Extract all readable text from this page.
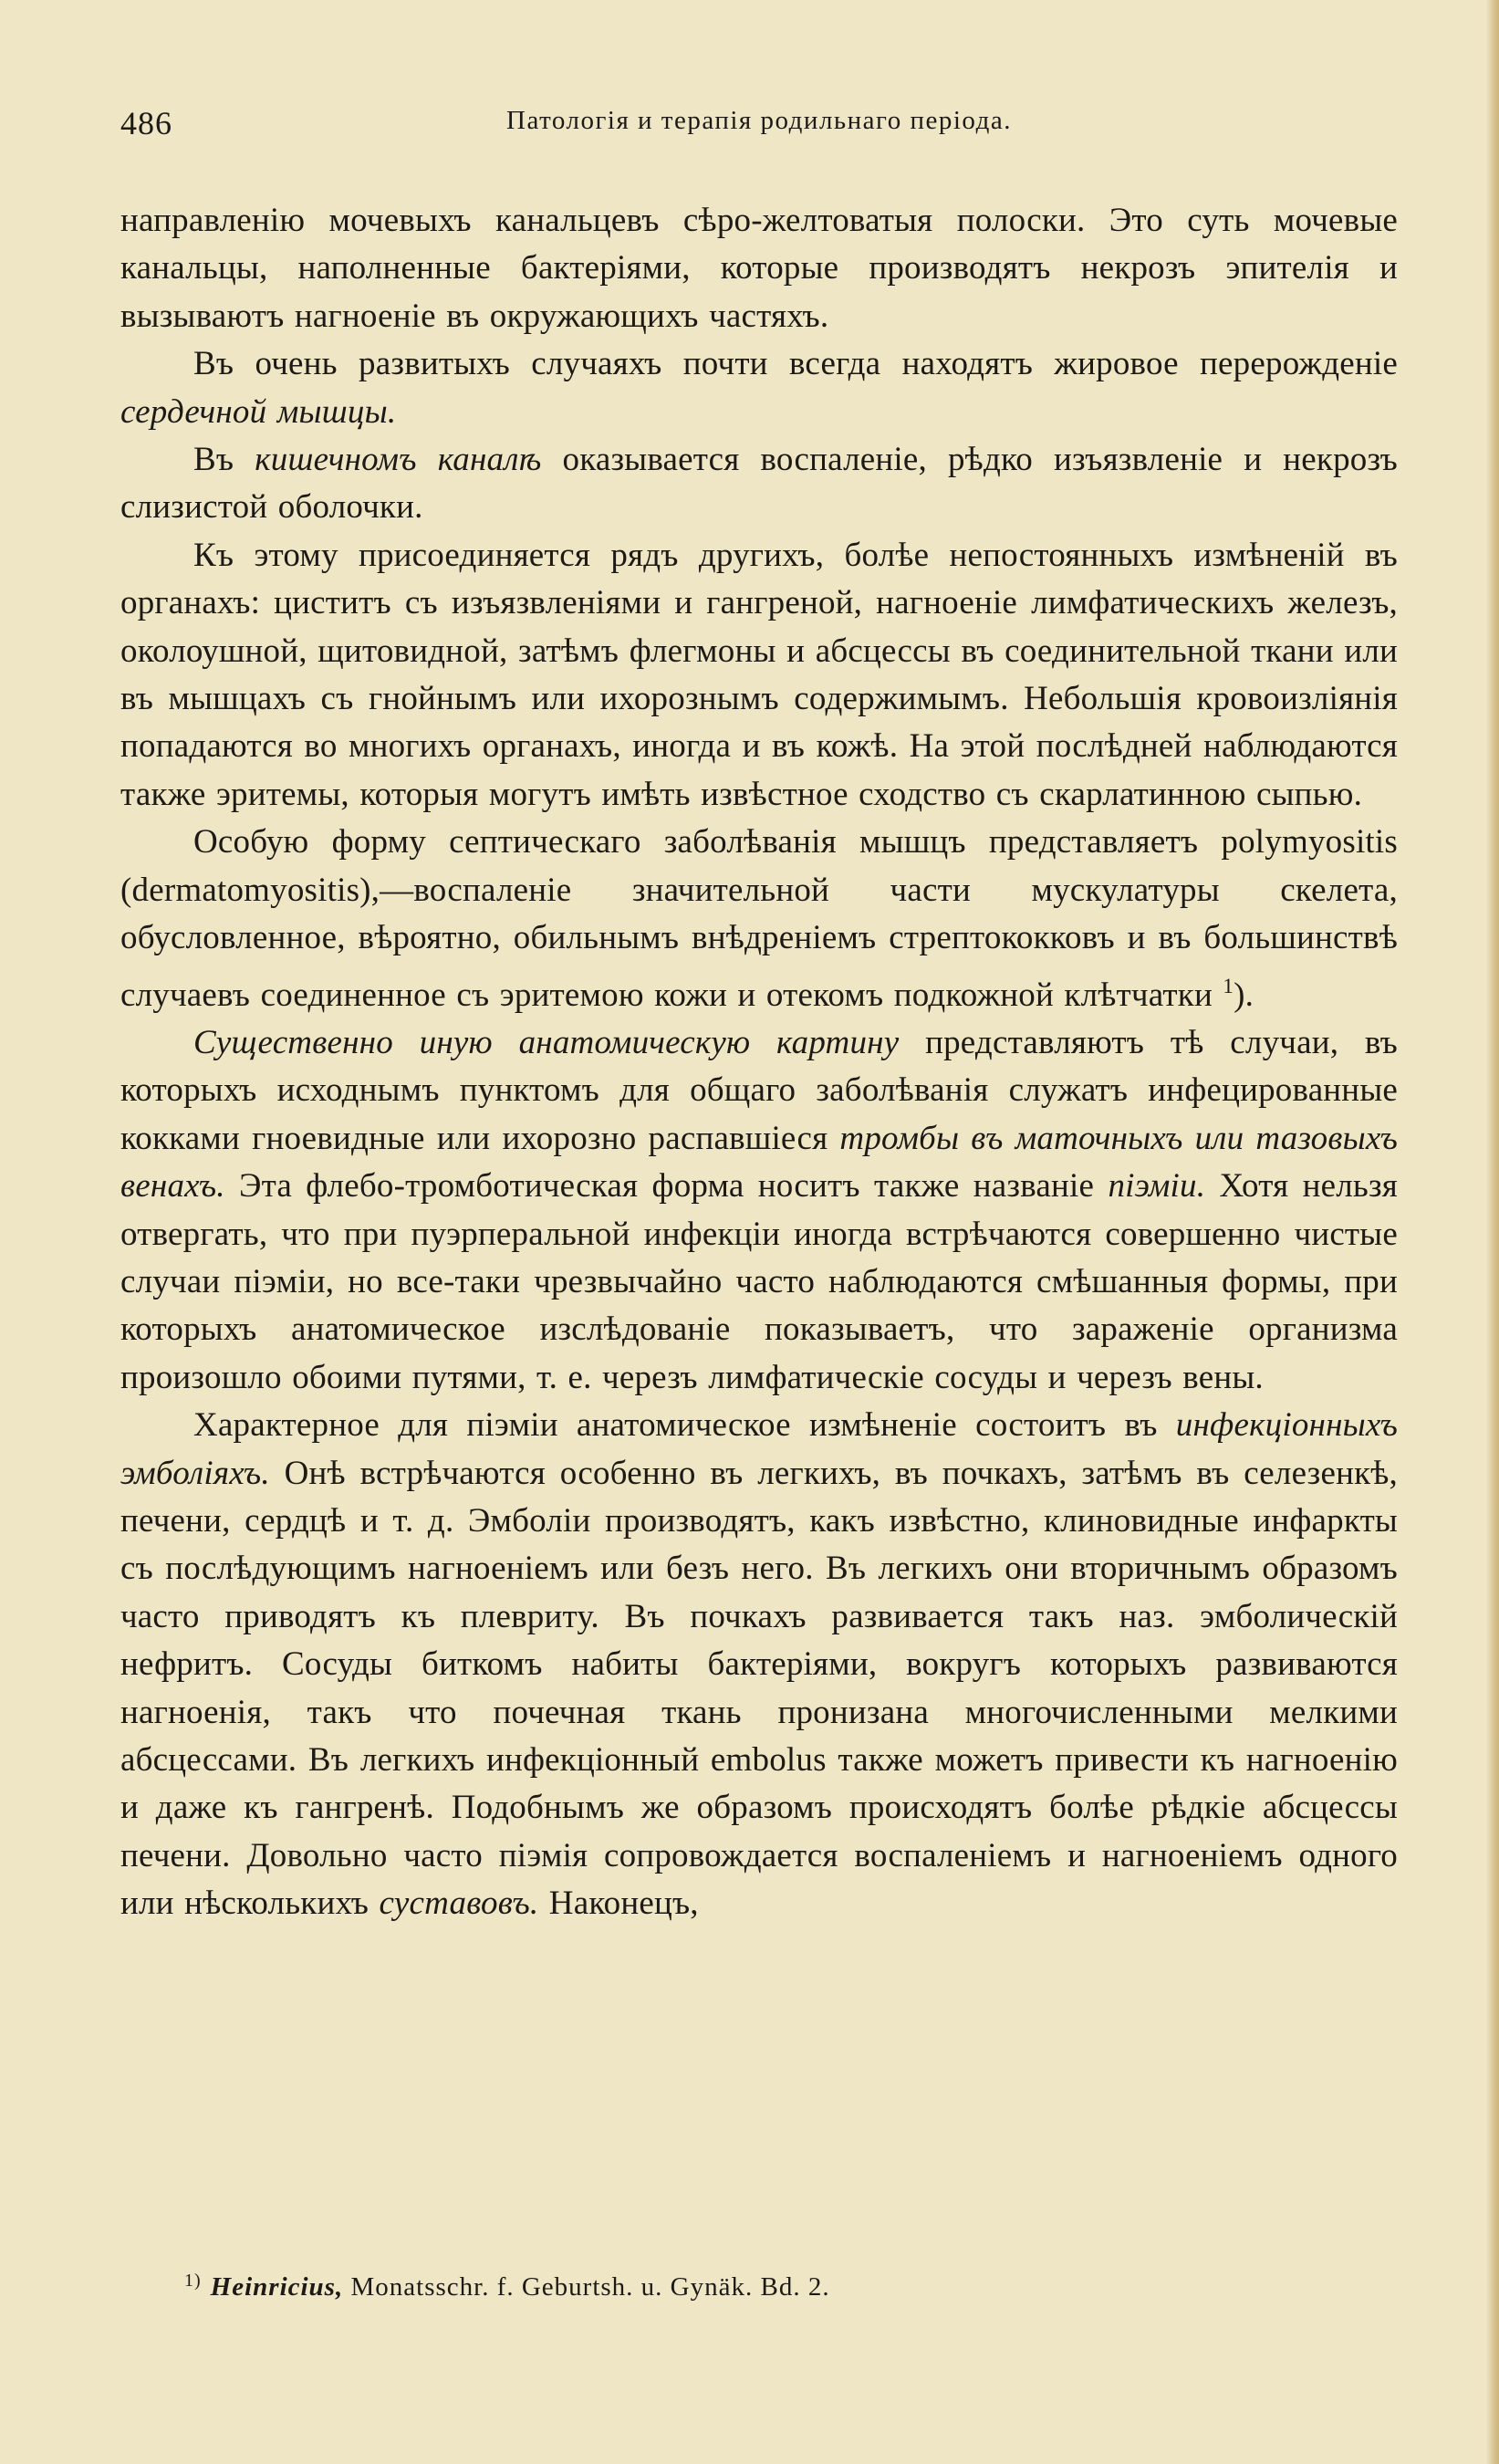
486	Патологія и терапія родильнаго періода.

направленію мочевыхъ канальцевъ сѣро-желтоватыя полоски. Это суть мочевые канальцы, наполненные бактеріями, которые производятъ некрозъ эпителія и вызываютъ нагноеніе въ окружающихъ частяхъ.

Въ очень развитыхъ случаяхъ почти всегда находятъ жировое перерожденіе сердечной мышцы.

Въ кишечномъ каналѣ оказывается воспаленіе, рѣдко изъязвленіе и некрозъ слизистой оболочки.

Къ этому присоединяется рядъ другихъ, болѣе непостоянныхъ измѣненій въ органахъ: циститъ съ изъязвленіями и гангреной, нагноеніе лимфатическихъ железъ, околоушной, щитовидной, затѣмъ флегмоны и абсцессы въ соединительной ткани или въ мышцахъ съ гнойнымъ или ихорознымъ содержимымъ. Небольшія кровоизліянія попадаются во многихъ органахъ, иногда и въ кожѣ. На этой послѣдней наблюдаются также эритемы, которыя могутъ имѣть извѣстное сходство съ скарлатинною сыпью.

Особую форму септическаго заболѣванія мышцъ представляетъ polymyositis (dermatomyositis),—воспаленіе значительной части мускулатуры скелета, обусловленное, вѣроятно, обильнымъ внѣдреніемъ стрептококковъ и въ большинствѣ случаевъ соединенное съ эритемою кожи и отекомъ подкожной клѣтчатки $^1$).

Существенно иную анатомическую картину представляютъ тѣ случаи, въ которыхъ исходнымъ пунктомъ для общаго заболѣванія служатъ инфецированные кокками гноевидные или ихорозно распавшіеся тромбы въ маточныхъ или тазовыхъ венахъ. Эта флебо-тромботическая форма носитъ также названіе піэміи. Хотя нельзя отвергать, что при пуэрперальной инфекціи иногда встрѣчаются совершенно чистые случаи піэміи, но все-таки чрезвычайно часто наблюдаются смѣшанныя формы, при которыхъ анатомическое изслѣдованіе показываетъ, что зараженіе организма произошло обоими путями, т. е. черезъ лимфатическіе сосуды и черезъ вены.

Характерное для піэміи анатомическое измѣненіе состоитъ въ инфекціонныхъ эмболіяхъ. Онѣ встрѣчаются особенно въ легкихъ, въ почкахъ, затѣмъ въ селезенкѣ, печени, сердцѣ и т. д. Эмболіи производятъ, какъ извѣстно, клиновидные инфаркты съ послѣдующимъ нагноеніемъ или безъ него. Въ легкихъ они вторичнымъ образомъ часто приводятъ къ плевриту. Въ почкахъ развивается такъ наз. эмболическій нефритъ. Сосуды биткомъ набиты бактеріями, вокругъ которыхъ развиваются нагноенія, такъ что почечная ткань пронизана многочисленными мелкими абсцессами. Въ легкихъ инфекціонный embolus также можетъ привести къ нагноенію и даже къ гангренѣ. Подобнымъ же образомъ происходятъ болѣе рѣдкіе абсцессы печени. Довольно часто піэмія сопровождается воспаленіемъ и нагноеніемъ одного или нѣсколькихъ суставовъ. Наконецъ,

$^{1)}$ Heinricius, Monatsschr. f. Geburtsh. u. Gynäk. Bd. 2.
